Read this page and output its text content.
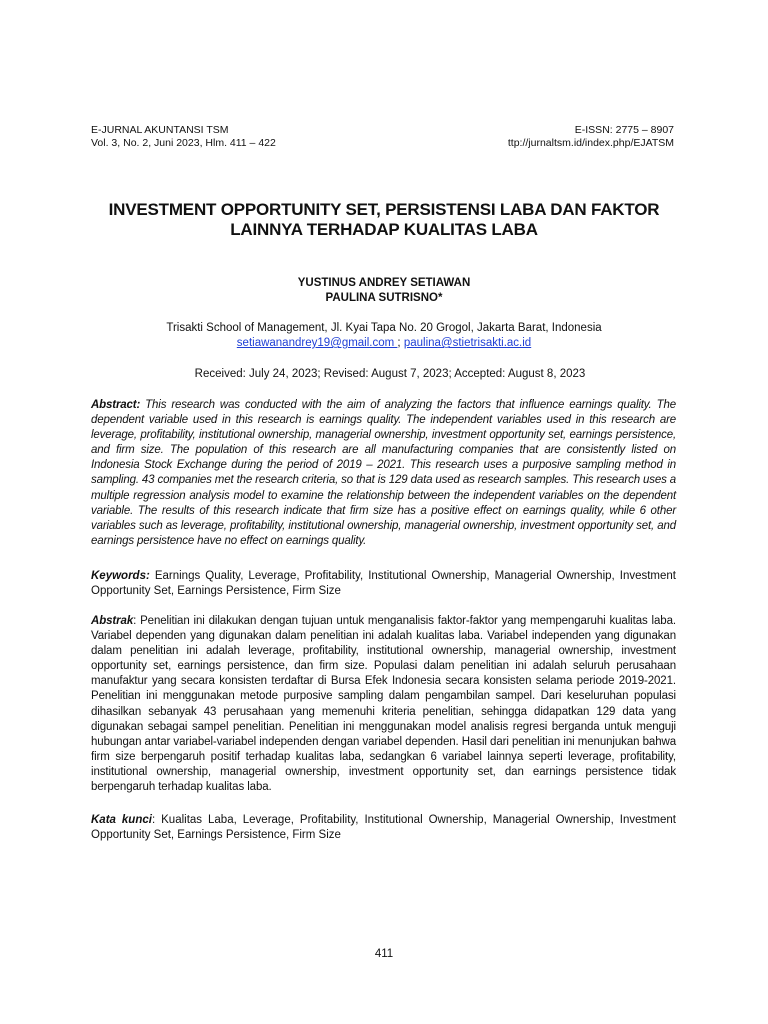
E-JURNAL AKUNTANSI TSM
Vol. 3, No. 2, Juni 2023, Hlm. 411 – 422
E-ISSN: 2775 – 8907
ttp://jurnaltsm.id/index.php/EJATSM
INVESTMENT OPPORTUNITY SET, PERSISTENSI LABA DAN FAKTOR
LAINNYA TERHADAP KUALITAS LABA
YUSTINUS ANDREY SETIAWAN
PAULINA SUTRISNO*
Trisakti School of Management, Jl. Kyai Tapa No. 20 Grogol, Jakarta Barat, Indonesia
setiawanandrey19@gmail.com ; paulina@stietrisakti.ac.id
Received: July 24, 2023; Revised: August 7, 2023; Accepted: August 8, 2023
Abstract: This research was conducted with the aim of analyzing the factors that influence earnings quality. The dependent variable used in this research is earnings quality. The independent variables used in this research are leverage, profitability, institutional ownership, managerial ownership, investment opportunity set, earnings persistence, and firm size. The population of this research are all manufacturing companies that are consistently listed on Indonesia Stock Exchange during the period of 2019 – 2021. This research uses a purposive sampling method in sampling. 43 companies met the research criteria, so that is 129 data used as research samples. This research uses a multiple regression analysis model to examine the relationship between the independent variables on the dependent variable. The results of this research indicate that firm size has a positive effect on earnings quality, while 6 other variables such as leverage, profitability, institutional ownership, managerial ownership, investment opportunity set, and earnings persistence have no effect on earnings quality.
Keywords: Earnings Quality, Leverage, Profitability, Institutional Ownership, Managerial Ownership, Investment Opportunity Set, Earnings Persistence, Firm Size
Abstrak: Penelitian ini dilakukan dengan tujuan untuk menganalisis faktor-faktor yang mempengaruhi kualitas laba. Variabel dependen yang digunakan dalam penelitian ini adalah kualitas laba. Variabel independen yang digunakan dalam penelitian ini adalah leverage, profitability, institutional ownership, managerial ownership, investment opportunity set, earnings persistence, dan firm size. Populasi dalam penelitian ini adalah seluruh perusahaan manufaktur yang secara konsisten terdaftar di Bursa Efek Indonesia secara konsisten selama periode 2019-2021. Penelitian ini menggunakan metode purposive sampling dalam pengambilan sampel. Dari keseluruhan populasi dihasilkan sebanyak 43 perusahaan yang memenuhi kriteria penelitian, sehingga didapatkan 129 data yang digunakan sebagai sampel penelitian. Penelitian ini menggunakan model analisis regresi berganda untuk menguji hubungan antar variabel-variabel independen dengan variabel dependen. Hasil dari penelitian ini menunjukan bahwa firm size berpengaruh positif terhadap kualitas laba, sedangkan 6 variabel lainnya seperti leverage, profitability, institutional ownership, managerial ownership, investment opportunity set, dan earnings persistence tidak berpengaruh terhadap kualitas laba.
Kata kunci: Kualitas Laba, Leverage, Profitability, Institutional Ownership, Managerial Ownership, Investment Opportunity Set, Earnings Persistence, Firm Size
411
